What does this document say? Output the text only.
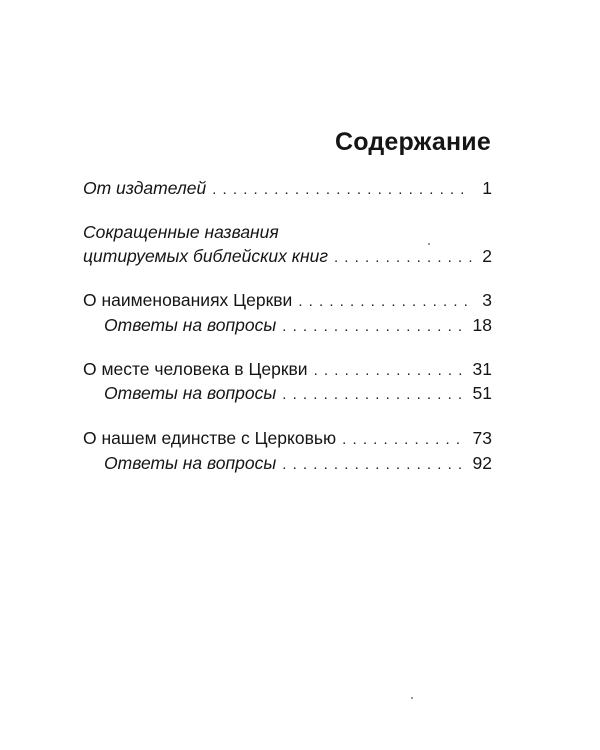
Содержание
От издателей . . .	1
Сокращенные названия
цитируемых библейских книг . . .	2
О наименованиях Церкви . . .	3
Ответы на вопросы . . .	18
О месте человека в Церкви . . .	31
Ответы на вопросы . . .	51
О нашем единстве с Церковью . . .	73
Ответы на вопросы . . .	92
